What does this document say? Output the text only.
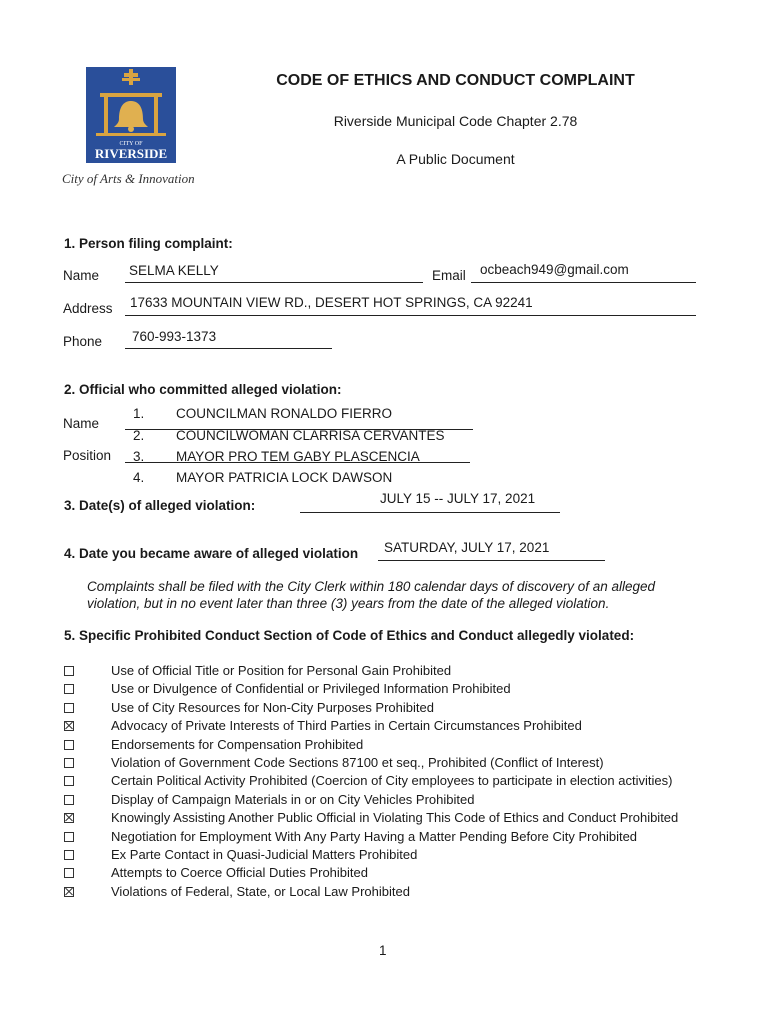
CITY OF
RIVERSIDE
City of Arts & Innovation
CODE OF ETHICS AND CONDUCT COMPLAINT
Riverside Municipal Code Chapter 2.78
A Public Document
1. Person filing complaint:
Name SELMA KELLY	Email ocbeach949@gmail.com
Address 17633 MOUNTAIN VIEW RD., DESERT HOT SPRINGS, CA 92241
Phone 760-993-1373
2. Official who committed alleged violation:
Name
Position
1. COUNCILMAN RONALDO FIERRO
2. COUNCILWOMAN CLARRISA CERVANTES
3. MAYOR PRO TEM GABY PLASCENCIA
4. MAYOR PATRICIA LOCK DAWSON
3. Date(s) of alleged violation:	JULY 15 -- JULY 17, 2021
4. Date you became aware of alleged violation SATURDAY, JULY 17, 2021
Complaints shall be filed with the City Clerk within 180 calendar days of discovery of an alleged violation, but in no event later than three (3) years from the date of the alleged violation.
5. Specific Prohibited Conduct Section of Code of Ethics and Conduct allegedly violated:
Use of Official Title or Position for Personal Gain Prohibited
Use or Divulgence of Confidential or Privileged Information Prohibited
Use of City Resources for Non-City Purposes Prohibited
Advocacy of Private Interests of Third Parties in Certain Circumstances Prohibited
Endorsements for Compensation Prohibited
Violation of Government Code Sections 87100 et seq., Prohibited (Conflict of Interest)
Certain Political Activity Prohibited (Coercion of City employees to participate in election activities)
Display of Campaign Materials in or on City Vehicles Prohibited
Knowingly Assisting Another Public Official in Violating This Code of Ethics and Conduct Prohibited
Negotiation for Employment With Any Party Having a Matter Pending Before City Prohibited
Ex Parte Contact in Quasi-Judicial Matters Prohibited
Attempts to Coerce Official Duties Prohibited
Violations of Federal, State, or Local Law Prohibited
1
